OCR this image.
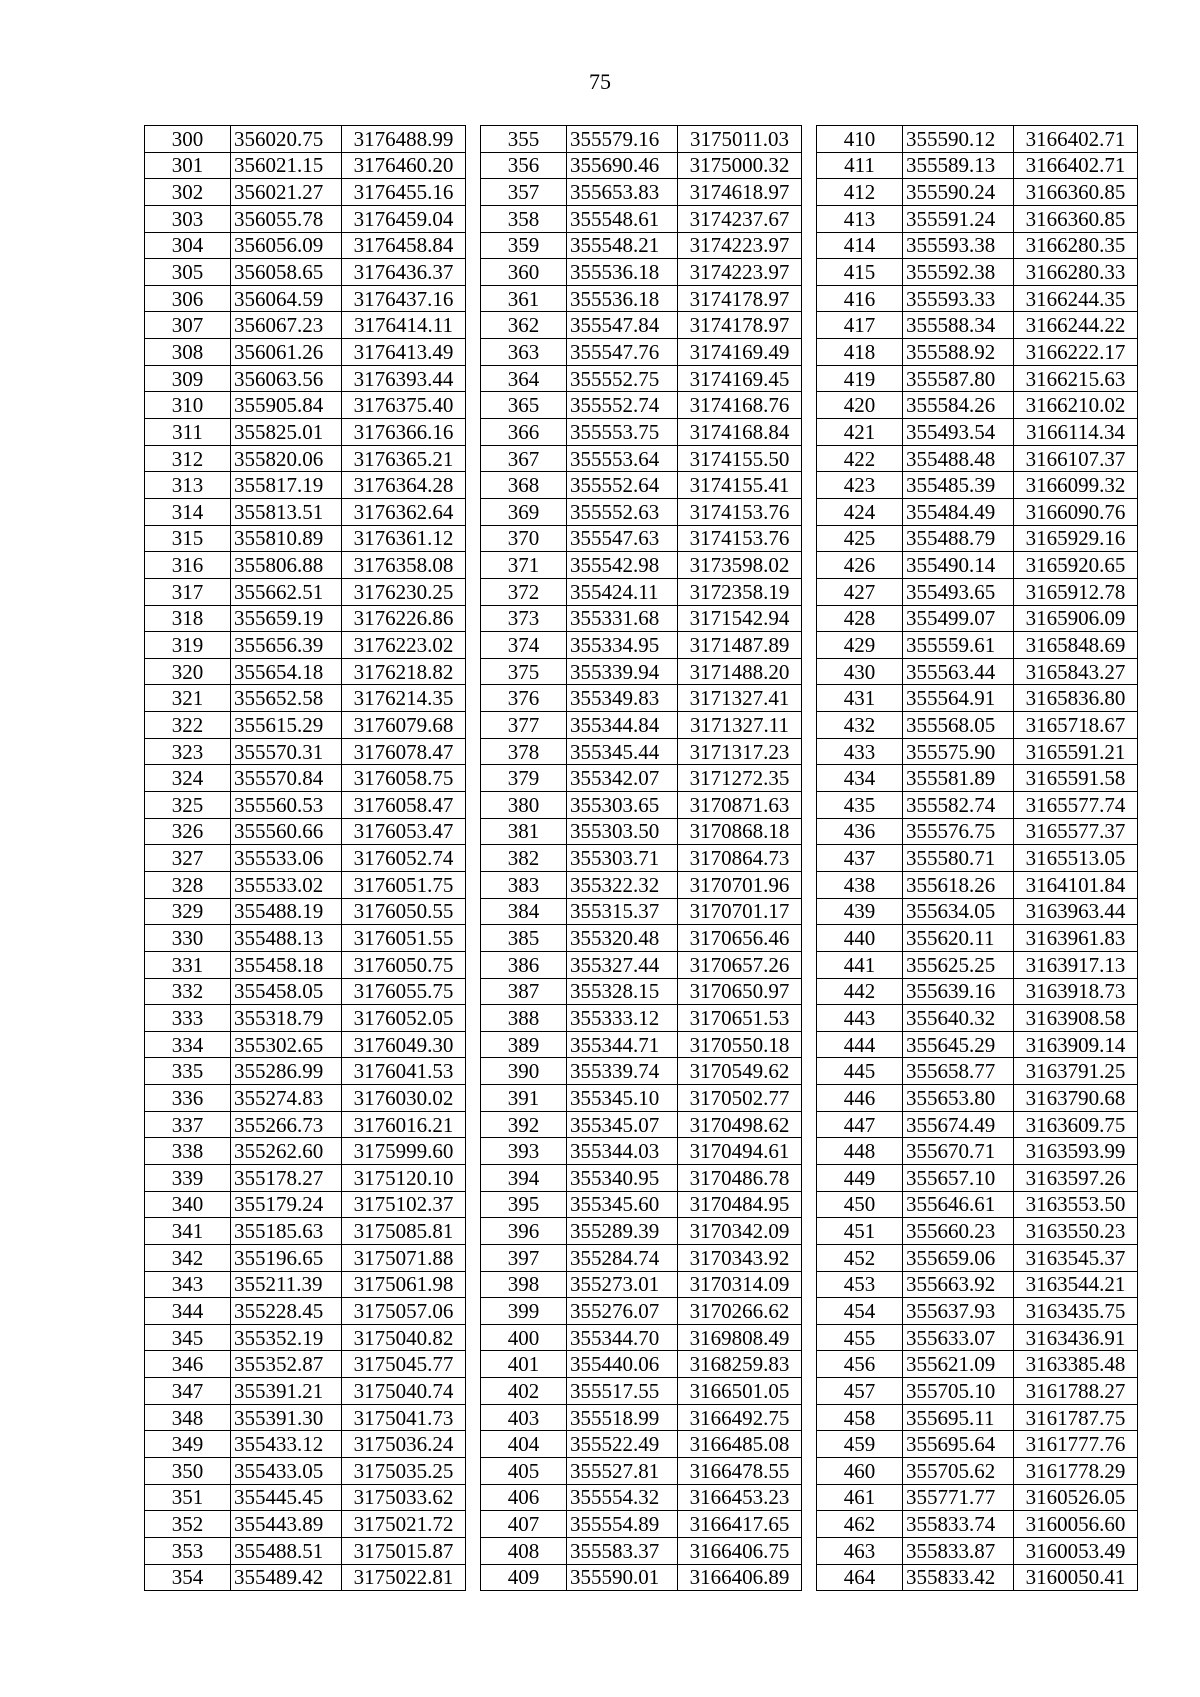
75
300	356020.75	3176488.99
301	356021.15	3176460.20
302	356021.27	3176455.16
303	356055.78	3176459.04
304	356056.09	3176458.84
305	356058.65	3176436.37
306	356064.59	3176437.16
307	356067.23	3176414.11
308	356061.26	3176413.49
309	356063.56	3176393.44
310	355905.84	3176375.40
311	355825.01	3176366.16
312	355820.06	3176365.21
313	355817.19	3176364.28
314	355813.51	3176362.64
315	355810.89	3176361.12
316	355806.88	3176358.08
317	355662.51	3176230.25
318	355659.19	3176226.86
319	355656.39	3176223.02
320	355654.18	3176218.82
321	355652.58	3176214.35
322	355615.29	3176079.68
323	355570.31	3176078.47
324	355570.84	3176058.75
325	355560.53	3176058.47
326	355560.66	3176053.47
327	355533.06	3176052.74
328	355533.02	3176051.75
329	355488.19	3176050.55
330	355488.13	3176051.55
331	355458.18	3176050.75
332	355458.05	3176055.75
333	355318.79	3176052.05
334	355302.65	3176049.30
335	355286.99	3176041.53
336	355274.83	3176030.02
337	355266.73	3176016.21
338	355262.60	3175999.60
339	355178.27	3175120.10
340	355179.24	3175102.37
341	355185.63	3175085.81
342	355196.65	3175071.88
343	355211.39	3175061.98
344	355228.45	3175057.06
345	355352.19	3175040.82
346	355352.87	3175045.77
347	355391.21	3175040.74
348	355391.30	3175041.73
349	355433.12	3175036.24
350	355433.05	3175035.25
351	355445.45	3175033.62
352	355443.89	3175021.72
353	355488.51	3175015.87
354	355489.42	3175022.81
355	355579.16	3175011.03
356	355690.46	3175000.32
357	355653.83	3174618.97
358	355548.61	3174237.67
359	355548.21	3174223.97
360	355536.18	3174223.97
361	355536.18	3174178.97
362	355547.84	3174178.97
363	355547.76	3174169.49
364	355552.75	3174169.45
365	355552.74	3174168.76
366	355553.75	3174168.84
367	355553.64	3174155.50
368	355552.64	3174155.41
369	355552.63	3174153.76
370	355547.63	3174153.76
371	355542.98	3173598.02
372	355424.11	3172358.19
373	355331.68	3171542.94
374	355334.95	3171487.89
375	355339.94	3171488.20
376	355349.83	3171327.41
377	355344.84	3171327.11
378	355345.44	3171317.23
379	355342.07	3171272.35
380	355303.65	3170871.63
381	355303.50	3170868.18
382	355303.71	3170864.73
383	355322.32	3170701.96
384	355315.37	3170701.17
385	355320.48	3170656.46
386	355327.44	3170657.26
387	355328.15	3170650.97
388	355333.12	3170651.53
389	355344.71	3170550.18
390	355339.74	3170549.62
391	355345.10	3170502.77
392	355345.07	3170498.62
393	355344.03	3170494.61
394	355340.95	3170486.78
395	355345.60	3170484.95
396	355289.39	3170342.09
397	355284.74	3170343.92
398	355273.01	3170314.09
399	355276.07	3170266.62
400	355344.70	3169808.49
401	355440.06	3168259.83
402	355517.55	3166501.05
403	355518.99	3166492.75
404	355522.49	3166485.08
405	355527.81	3166478.55
406	355554.32	3166453.23
407	355554.89	3166417.65
408	355583.37	3166406.75
409	355590.01	3166406.89
410	355590.12	3166402.71
411	355589.13	3166402.71
412	355590.24	3166360.85
413	355591.24	3166360.85
414	355593.38	3166280.35
415	355592.38	3166280.33
416	355593.33	3166244.35
417	355588.34	3166244.22
418	355588.92	3166222.17
419	355587.80	3166215.63
420	355584.26	3166210.02
421	355493.54	3166114.34
422	355488.48	3166107.37
423	355485.39	3166099.32
424	355484.49	3166090.76
425	355488.79	3165929.16
426	355490.14	3165920.65
427	355493.65	3165912.78
428	355499.07	3165906.09
429	355559.61	3165848.69
430	355563.44	3165843.27
431	355564.91	3165836.80
432	355568.05	3165718.67
433	355575.90	3165591.21
434	355581.89	3165591.58
435	355582.74	3165577.74
436	355576.75	3165577.37
437	355580.71	3165513.05
438	355618.26	3164101.84
439	355634.05	3163963.44
440	355620.11	3163961.83
441	355625.25	3163917.13
442	355639.16	3163918.73
443	355640.32	3163908.58
444	355645.29	3163909.14
445	355658.77	3163791.25
446	355653.80	3163790.68
447	355674.49	3163609.75
448	355670.71	3163593.99
449	355657.10	3163597.26
450	355646.61	3163553.50
451	355660.23	3163550.23
452	355659.06	3163545.37
453	355663.92	3163544.21
454	355637.93	3163435.75
455	355633.07	3163436.91
456	355621.09	3163385.48
457	355705.10	3161788.27
458	355695.11	3161787.75
459	355695.64	3161777.76
460	355705.62	3161778.29
461	355771.77	3160526.05
462	355833.74	3160056.60
463	355833.87	3160053.49
464	355833.42	3160050.41
